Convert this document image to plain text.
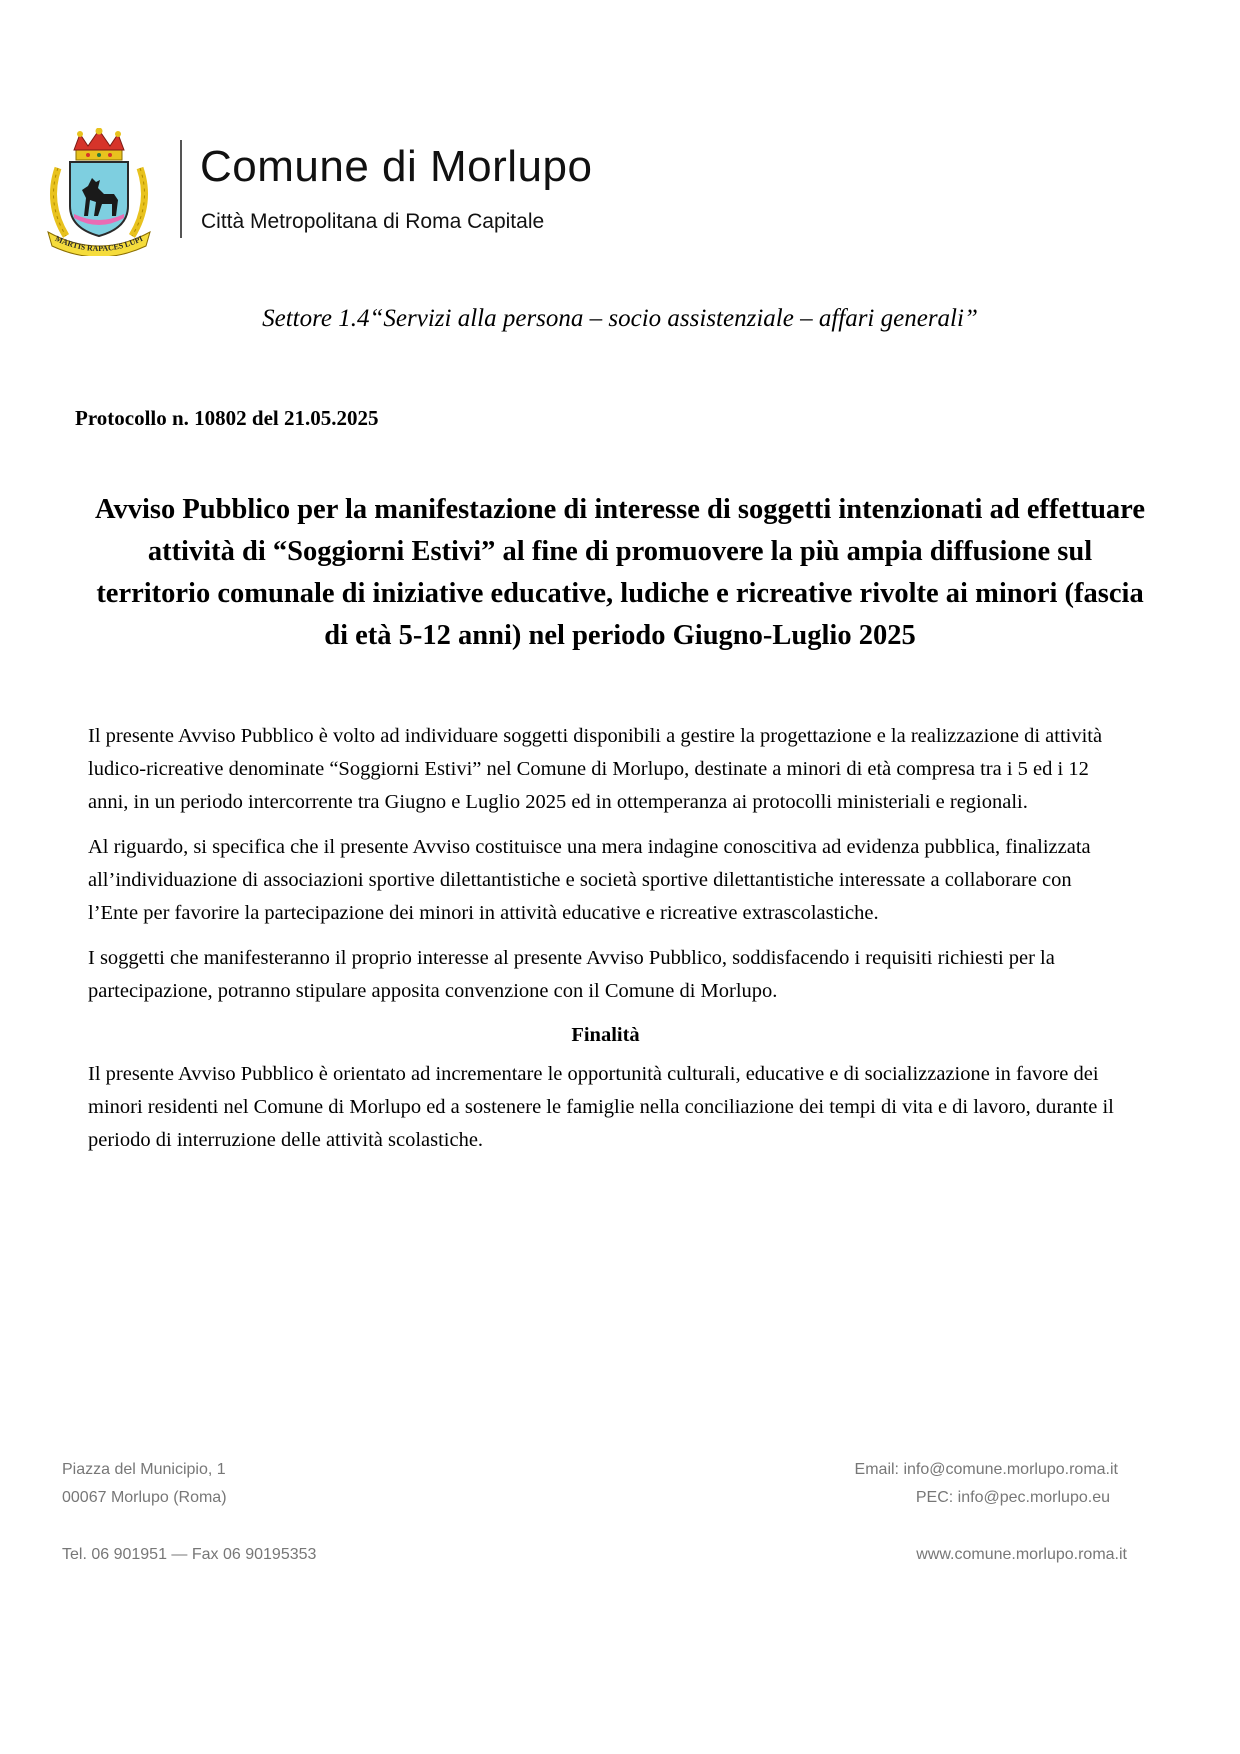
MARTIS RAPACES LUPI
Comune di Morlupo
Città Metropolitana di Roma Capitale
Settore 1.4“Servizi alla persona – socio assistenziale – affari generali”
Protocollo n. 10802 del 21.05.2025
Avviso Pubblico per la manifestazione di interesse di soggetti intenzionati ad effettuare attività di “Soggiorni Estivi” al fine di promuovere la più ampia diffusione sul territorio comunale di iniziative educative, ludiche e ricreative rivolte ai minori (fascia di età 5-12 anni) nel periodo Giugno-Luglio 2025

Il presente Avviso Pubblico è volto ad individuare soggetti disponibili a gestire la progettazione e la realizzazione di attività ludico-ricreative denominate “Soggiorni Estivi” nel Comune di Morlupo, destinate a minori di età compresa tra i 5 ed i 12 anni, in un periodo intercorrente tra Giugno e Luglio 2025 ed in ottemperanza ai protocolli ministeriali e regionali.

Al riguardo, si specifica che il presente Avviso costituisce una mera indagine conoscitiva ad evidenza pubblica, finalizzata all’individuazione di associazioni sportive dilettantistiche e società sportive dilettantistiche interessate a collaborare con l’Ente per favorire la partecipazione dei minori in attività educative e ricreative extrascolastiche.

I soggetti che manifesteranno il proprio interesse al presente Avviso Pubblico, soddisfacendo i requisiti richiesti per la partecipazione, potranno stipulare apposita convenzione con il Comune di Morlupo.

Finalità

Il presente Avviso Pubblico è orientato ad incrementare le opportunità culturali, educative e di socializzazione in favore dei minori residenti nel Comune di Morlupo ed a sostenere le famiglie nella conciliazione dei tempi di vita e di lavoro, durante il periodo di interruzione delle attività scolastiche.

Piazza del Municipio, 1
00067 Morlupo (Roma)
Tel. 06 901951 — Fax 06 90195353
Email: info@comune.morlupo.roma.it
PEC: info@pec.morlupo.eu
www.comune.morlupo.roma.it
